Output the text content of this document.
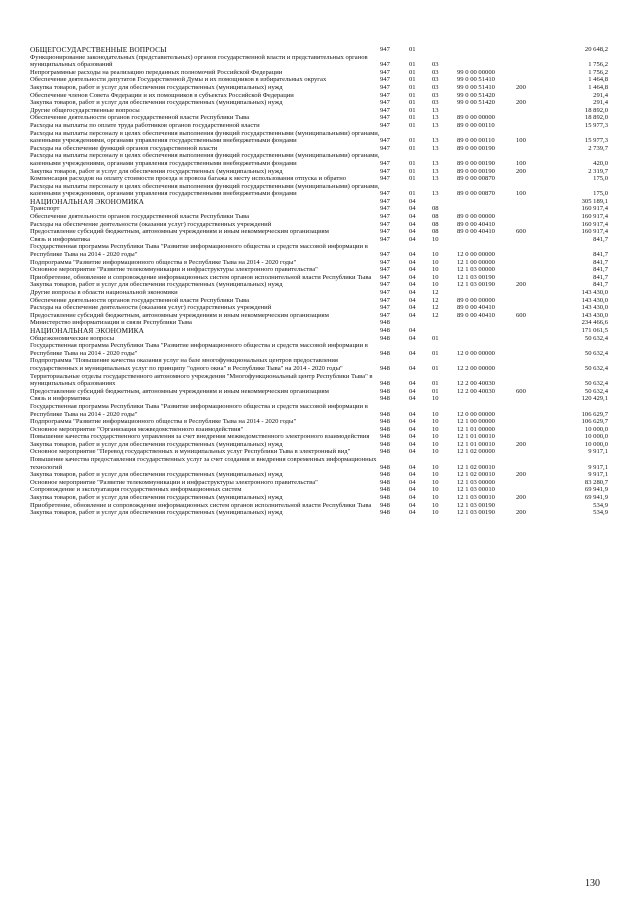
ОБЩЕГОСУДАРСТВЕННЫЕ ВОПРОСЫ	947	01				20 648,2
Функционирование законодательных (представительных) органов государственной власти и представительных органов муниципальных образований	947	01	03			1 756,2
Непрограммные расходы на реализацию переданных полномочий Российской Федерации	947	01	03	99 0 00 00000		1 756,2
Обеспечение деятельности депутатов Государственной Думы и их помощников в избирательных округах	947	01	03	99 0 00 51410		1 464,8
Закупка товаров, работ и услуг для обеспечения государственных (муниципальных) нужд	947	01	03	99 0 00 51410	200	1 464,8
Обеспечение членов Совета Федерации и их помощников в субъектах Российской Федерации	947	01	03	99 0 00 51420		291,4
Закупка товаров, работ и услуг для обеспечения государственных (муниципальных) нужд	947	01	03	99 0 00 51420	200	291,4
Другие общегосударственные вопросы	947	01	13			18 892,0
Обеспечение деятельности органов государственной власти Республики Тыва	947	01	13	89 0 00 00000		18 892,0
Расходы на выплаты по оплате труда работников органов государственной власти	947	01	13	89 0 00 00110		15 977,3
Расходы на выплаты персоналу в целях обеспечения выполнения функций государственными (муниципальными) органами, казенными учреждениями, органами управления государственными внебюджетными фондами	947	01	13	89 0 00 00110	100	15 977,3
Расходы на обеспечение функций органов государственной власти	947	01	13	89 0 00 00190		2 739,7
Расходы на выплаты персоналу в целях обеспечения выполнения функций государственными (муниципальными) органами, казенными учреждениями, органами управления государственными внебюджетными фондами	947	01	13	89 0 00 00190	100	420,0
Закупка товаров, работ и услуг для обеспечения государственных (муниципальных) нужд	947	01	13	89 0 00 00190	200	2 319,7
Компенсация расходов на оплату стоимости проезда и провоза багажа к месту использования отпуска и обратно	947	01	13	89 0 00 00870		175,0
Расходы на выплаты персоналу в целях обеспечения выполнения функций государственными (муниципальными) органами, казенными учреждениями, органами управления государственными внебюджетными фондами	947	01	13	89 0 00 00870	100	175,0
НАЦИОНАЛЬНАЯ ЭКОНОМИКА	947	04				305 189,1
Транспорт	947	04	08			160 917,4
Обеспечение деятельности органов государственной власти Республики Тыва	947	04	08	89 0 00 00000		160 917,4
Расходы на обеспечение деятельности (оказания услуг) государственных учреждений	947	04	08	89 0 00 40410		160 917,4
Предоставление субсидий бюджетным, автономным учреждениям и иным некоммерческим организациям	947	04	08	89 0 00 40410	600	160 917,4
Связь и информатика	947	04	10			841,7
Государственная программа Республики Тыва "Развитие информационного общества и средств массовой информации в Республике Тыва на 2014 - 2020 годы"	947	04	10	12 0 00 00000		841,7
Подпрограмма "Развитие информационного общества в Республике Тыва на 2014 - 2020 годы"	947	04	10	12 1 00 00000		841,7
Основное мероприятие "Развитие телекоммуникации и инфраструктуры электронного правительства"	947	04	10	12 1 03 00000		841,7
Приобретение, обновление и сопровождение информационных систем органов исполнительной власти Республики Тыва	947	04	10	12 1 03 00190		841,7
Закупка товаров, работ и услуг для обеспечения государственных (муниципальных) нужд	947	04	10	12 1 03 00190	200	841,7
Другие вопросы в области национальной экономики	947	04	12			143 430,0
Обеспечение деятельности органов государственной власти Республики Тыва	947	04	12	89 0 00 00000		143 430,0
Расходы на обеспечение деятельности (оказания услуг) государственных учреждений	947	04	12	89 0 00 40410		143 430,0
Предоставление субсидий бюджетным, автономным учреждениям и иным некоммерческим организациям	947	04	12	89 0 00 40410	600	143 430,0
Министерство информатизации и связи Республики Тыва	948					234 466,6
НАЦИОНАЛЬНАЯ ЭКОНОМИКА	948	04				171 061,5
Общеэкономические вопросы	948	04	01			50 632,4
Государственная программа Республики Тыва "Развитие информационного общества и средств массовой информации в Республике Тыва на 2014 - 2020 годы"	948	04	01	12 0 00 00000		50 632,4
Подпрограмма "Повышение качества оказания услуг на базе многофункциональных центров предоставления государственных и муниципальных услуг по принципу "одного окна" в Республике Тыва" на 2014 - 2020 годы"	948	04	01	12 2 00 00000		50 632,4
Территориальные отделы государственного автономного учреждения "Многофункциональный центр Республики Тыва" в муниципальных образованиях	948	04	01	12 2 00 40030		50 632,4
Предоставление субсидий бюджетным, автономным учреждениям и иным некоммерческим организациям	948	04	01	12 2 00 40030	600	50 632,4
Связь и информатика	948	04	10			120 429,1
Государственная программа Республики Тыва "Развитие информационного общества и средств массовой информации в Республике Тыва на 2014 - 2020 годы"	948	04	10	12 0 00 00000		106 629,7
Подпрограмма "Развитие информационного общества в Республике Тыва на 2014 - 2020 годы"	948	04	10	12 1 00 00000		106 629,7
Основное мероприятие "Организация межведомственного взаимодействия"	948	04	10	12 1 01 00000		10 000,0
Повышение качества государственного управления за счет внедрения межведомственного электронного взаимодействия	948	04	10	12 1 01 00010		10 000,0
Закупка товаров, работ и услуг для обеспечения государственных (муниципальных) нужд	948	04	10	12 1 01 00010	200	10 000,0
Основное мероприятие "Перевод государственных и муниципальных услуг Республики Тыва в электронный вид"	948	04	10	12 1 02 00000		9 917,1
Повышение качества предоставления государственных услуг за счет создания и внедрения современных информационных технологий	948	04	10	12 1 02 00010		9 917,1
Закупка товаров, работ и услуг для обеспечения государственных (муниципальных) нужд	948	04	10	12 1 02 00010	200	9 917,1
Основное мероприятие "Развитие телекоммуникации и инфраструктуры электронного правительства"	948	04	10	12 1 03 00000		83 280,7
Сопровождение и эксплуатация государственных информационных систем	948	04	10	12 1 03 00010		69 941,9
Закупка товаров, работ и услуг для обеспечения государственных (муниципальных) нужд	948	04	10	12 1 03 00010	200	69 941,9
Приобретение, обновление и сопровождение информационных систем органов исполнительной власти Республики Тыва	948	04	10	12 1 03 00190		534,9
Закупка товаров, работ и услуг для обеспечения государственных (муниципальных) нужд	948	04	10	12 1 03 00190	200	534,9
130
